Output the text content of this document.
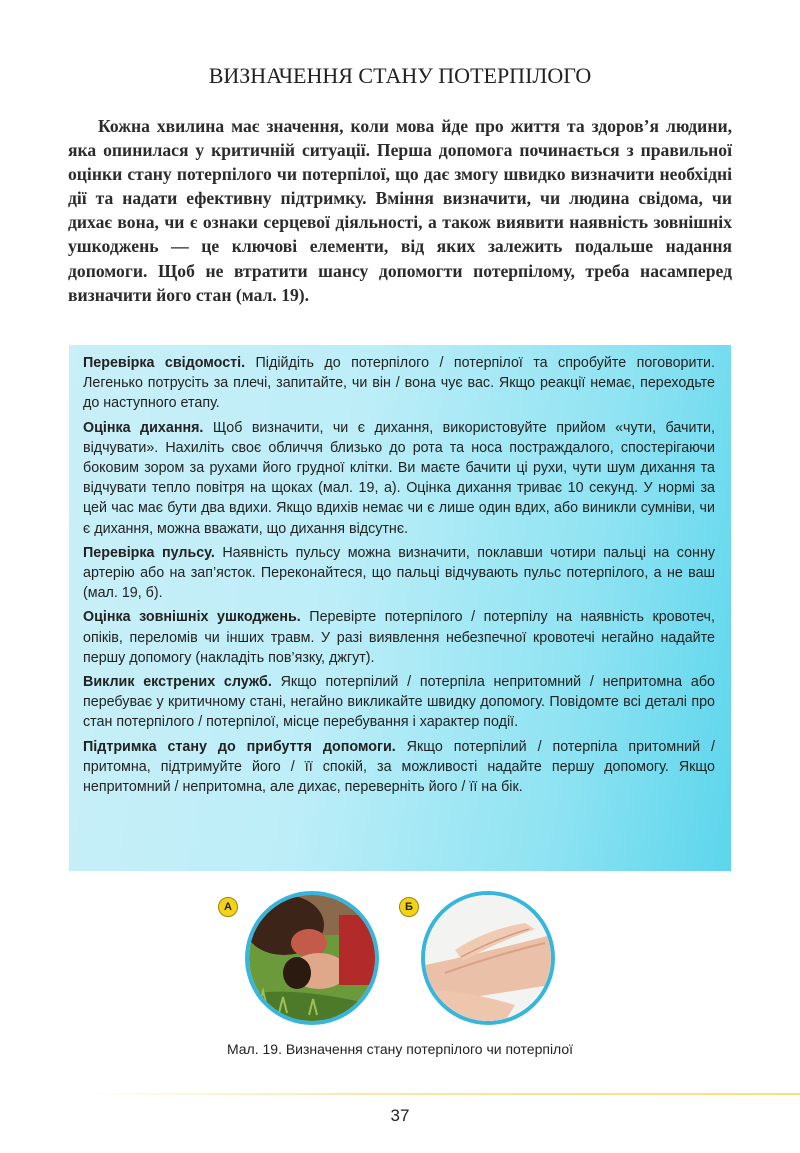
ВИЗНАЧЕННЯ СТАНУ ПОТЕРПІЛОГО

Кожна хвилина має значення, коли мова йде про життя та здоров’я людини, яка опинилася у критичній ситуації. Перша допомога починається з правильної оцінки стану потерпілого чи потерпілої, що дає змогу швидко визначити необхідні дії та надати ефективну підтримку. Вміння визначити, чи людина свідома, чи дихає вона, чи є ознаки серцевої діяльності, а також виявити наявність зовнішніх ушкоджень — це ключові елементи, від яких залежить подальше надання допомоги. Щоб не втратити шансу допомогти потерпілому, треба насамперед визначити його стан (мал. 19).

Перевірка свідомості. Підійдіть до потерпілого / потерпілої та спробуйте поговорити. Легенько потрусіть за плечі, запитайте, чи він / вона чує вас. Якщо реакції немає, переходьте до наступного етапу.

Оцінка дихання. Щоб визначити, чи є дихання, використовуйте прийом «чути, бачити, відчувати». Нахиліть своє обличчя близько до рота та носа постраждалого, спостерігаючи боковим зором за рухами його грудної клітки. Ви маєте бачити ці рухи, чути шум дихання та відчувати тепло повітря на щоках (мал. 19, а). Оцінка дихання триває 10 секунд. У нормі за цей час має бути два вдихи. Якщо вдихів немає чи є лише один вдих, або виникли сумніви, чи є дихання, можна вважати, що дихання відсутнє.

Перевірка пульсу. Наявність пульсу можна визначити, поклавши чотири пальці на сонну артерію або на зап’ясток. Переконайтеся, що пальці відчувають пульс потерпілого, а не ваш (мал. 19, б).

Оцінка зовнішніх ушкоджень. Перевірте потерпілого / потерпілу на наявність кровотеч, опіків, переломів чи інших травм. У разі виявлення небезпечної кровотечі негайно надайте першу допомогу (накладіть пов’язку, джгут).

Виклик екстрених служб. Якщо потерпілий / потерпіла непритомний / непритомна або перебуває у критичному стані, негайно викликайте швидку допомогу. Повідомте всі деталі про стан потерпілого / потерпілої, місце перебування і характер події.

Підтримка стану до прибуття допомоги. Якщо потерпілий / потерпіла притомний / притомна, підтримуйте його / її спокій, за можливості надайте першу допомогу. Якщо непритомний / непритомна, але дихає, переверніть його / її на бік.

А	Б
Мал. 19. Визначення стану потерпілого чи потерпілої
37
